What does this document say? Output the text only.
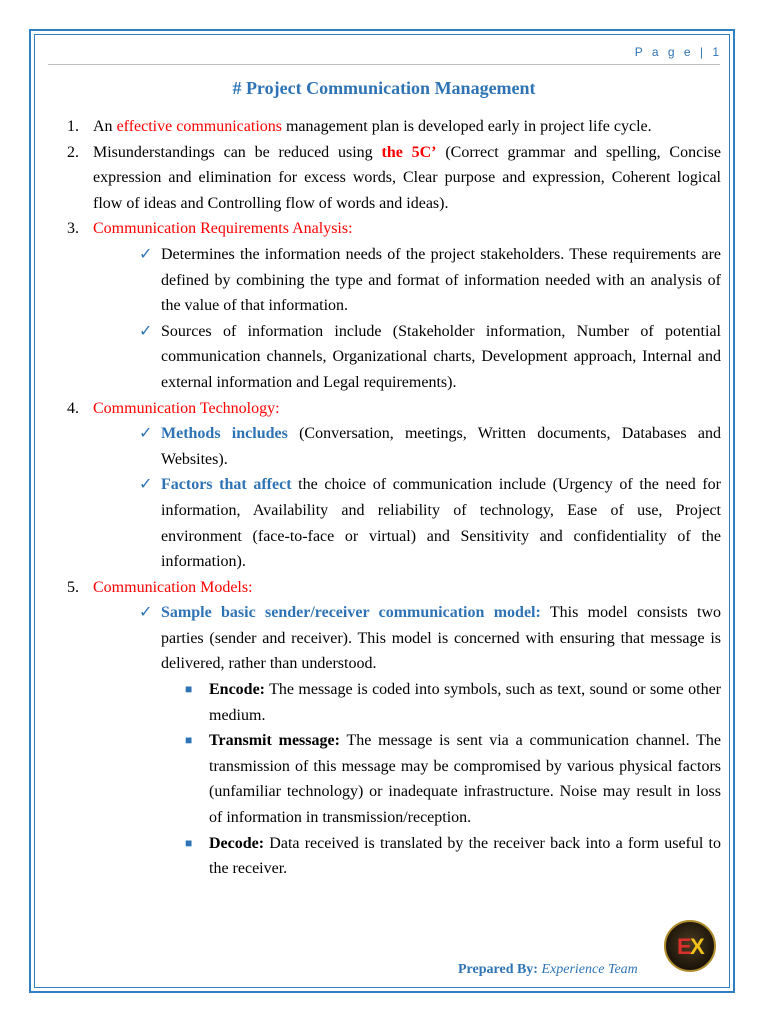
P a g e | 1
# Project Communication Management
1. An effective communications management plan is developed early in project life cycle.
2. Misunderstandings can be reduced using the 5C’ (Correct grammar and spelling, Concise expression and elimination for excess words, Clear purpose and expression, Coherent logical flow of ideas and Controlling flow of words and ideas).
3. Communication Requirements Analysis:
✓ Determines the information needs of the project stakeholders. These requirements are defined by combining the type and format of information needed with an analysis of the value of that information.
✓ Sources of information include (Stakeholder information, Number of potential communication channels, Organizational charts, Development approach, Internal and external information and Legal requirements).
4. Communication Technology:
✓ Methods includes (Conversation, meetings, Written documents, Databases and Websites).
✓ Factors that affect the choice of communication include (Urgency of the need for information, Availability and reliability of technology, Ease of use, Project environment (face-to-face or virtual) and Sensitivity and confidentiality of the information).
5. Communication Models:
✓ Sample basic sender/receiver communication model: This model consists two parties (sender and receiver). This model is concerned with ensuring that message is delivered, rather than understood.
■	Encode: The message is coded into symbols, such as text, sound or some other medium.
■	Transmit message: The message is sent via a communication channel. The transmission of this message may be compromised by various physical factors (unfamiliar technology) or inadequate infrastructure. Noise may result in loss of information in transmission/reception.
■	Decode: Data received is translated by the receiver back into a form useful to the receiver.
E
X
Prepared By: Experience Team
